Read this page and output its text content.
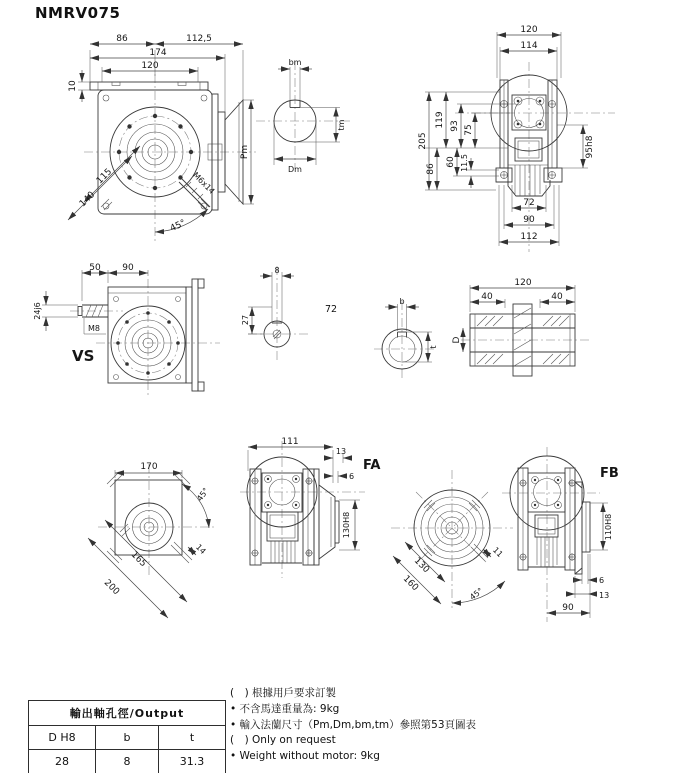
NMRV075
86	112,5
174
120
10
Pm
115
140
M6x14
45°
bm
tm
Dm
120
114
205
119 93 75
86
60 11.5
95h8
72
90
112
50 90
24j6
M8
VS
8
27
72
b
t
120
40	40
D
170
45°
165
200
14
111
13
6
FA
130H8
130
160
11
45°
FB
110H8
6
13
90
輸出軸孔徑/Output		
D H8	b	t
28	8	31.3
(　) 根據用戶要求訂製
• 不含馬達重量為: 9kg
• 輸入法蘭尺寸（Pm,Dm,bm,tm）參照第53頁圖表
(　) Only on request
• Weight without motor: 9kg
